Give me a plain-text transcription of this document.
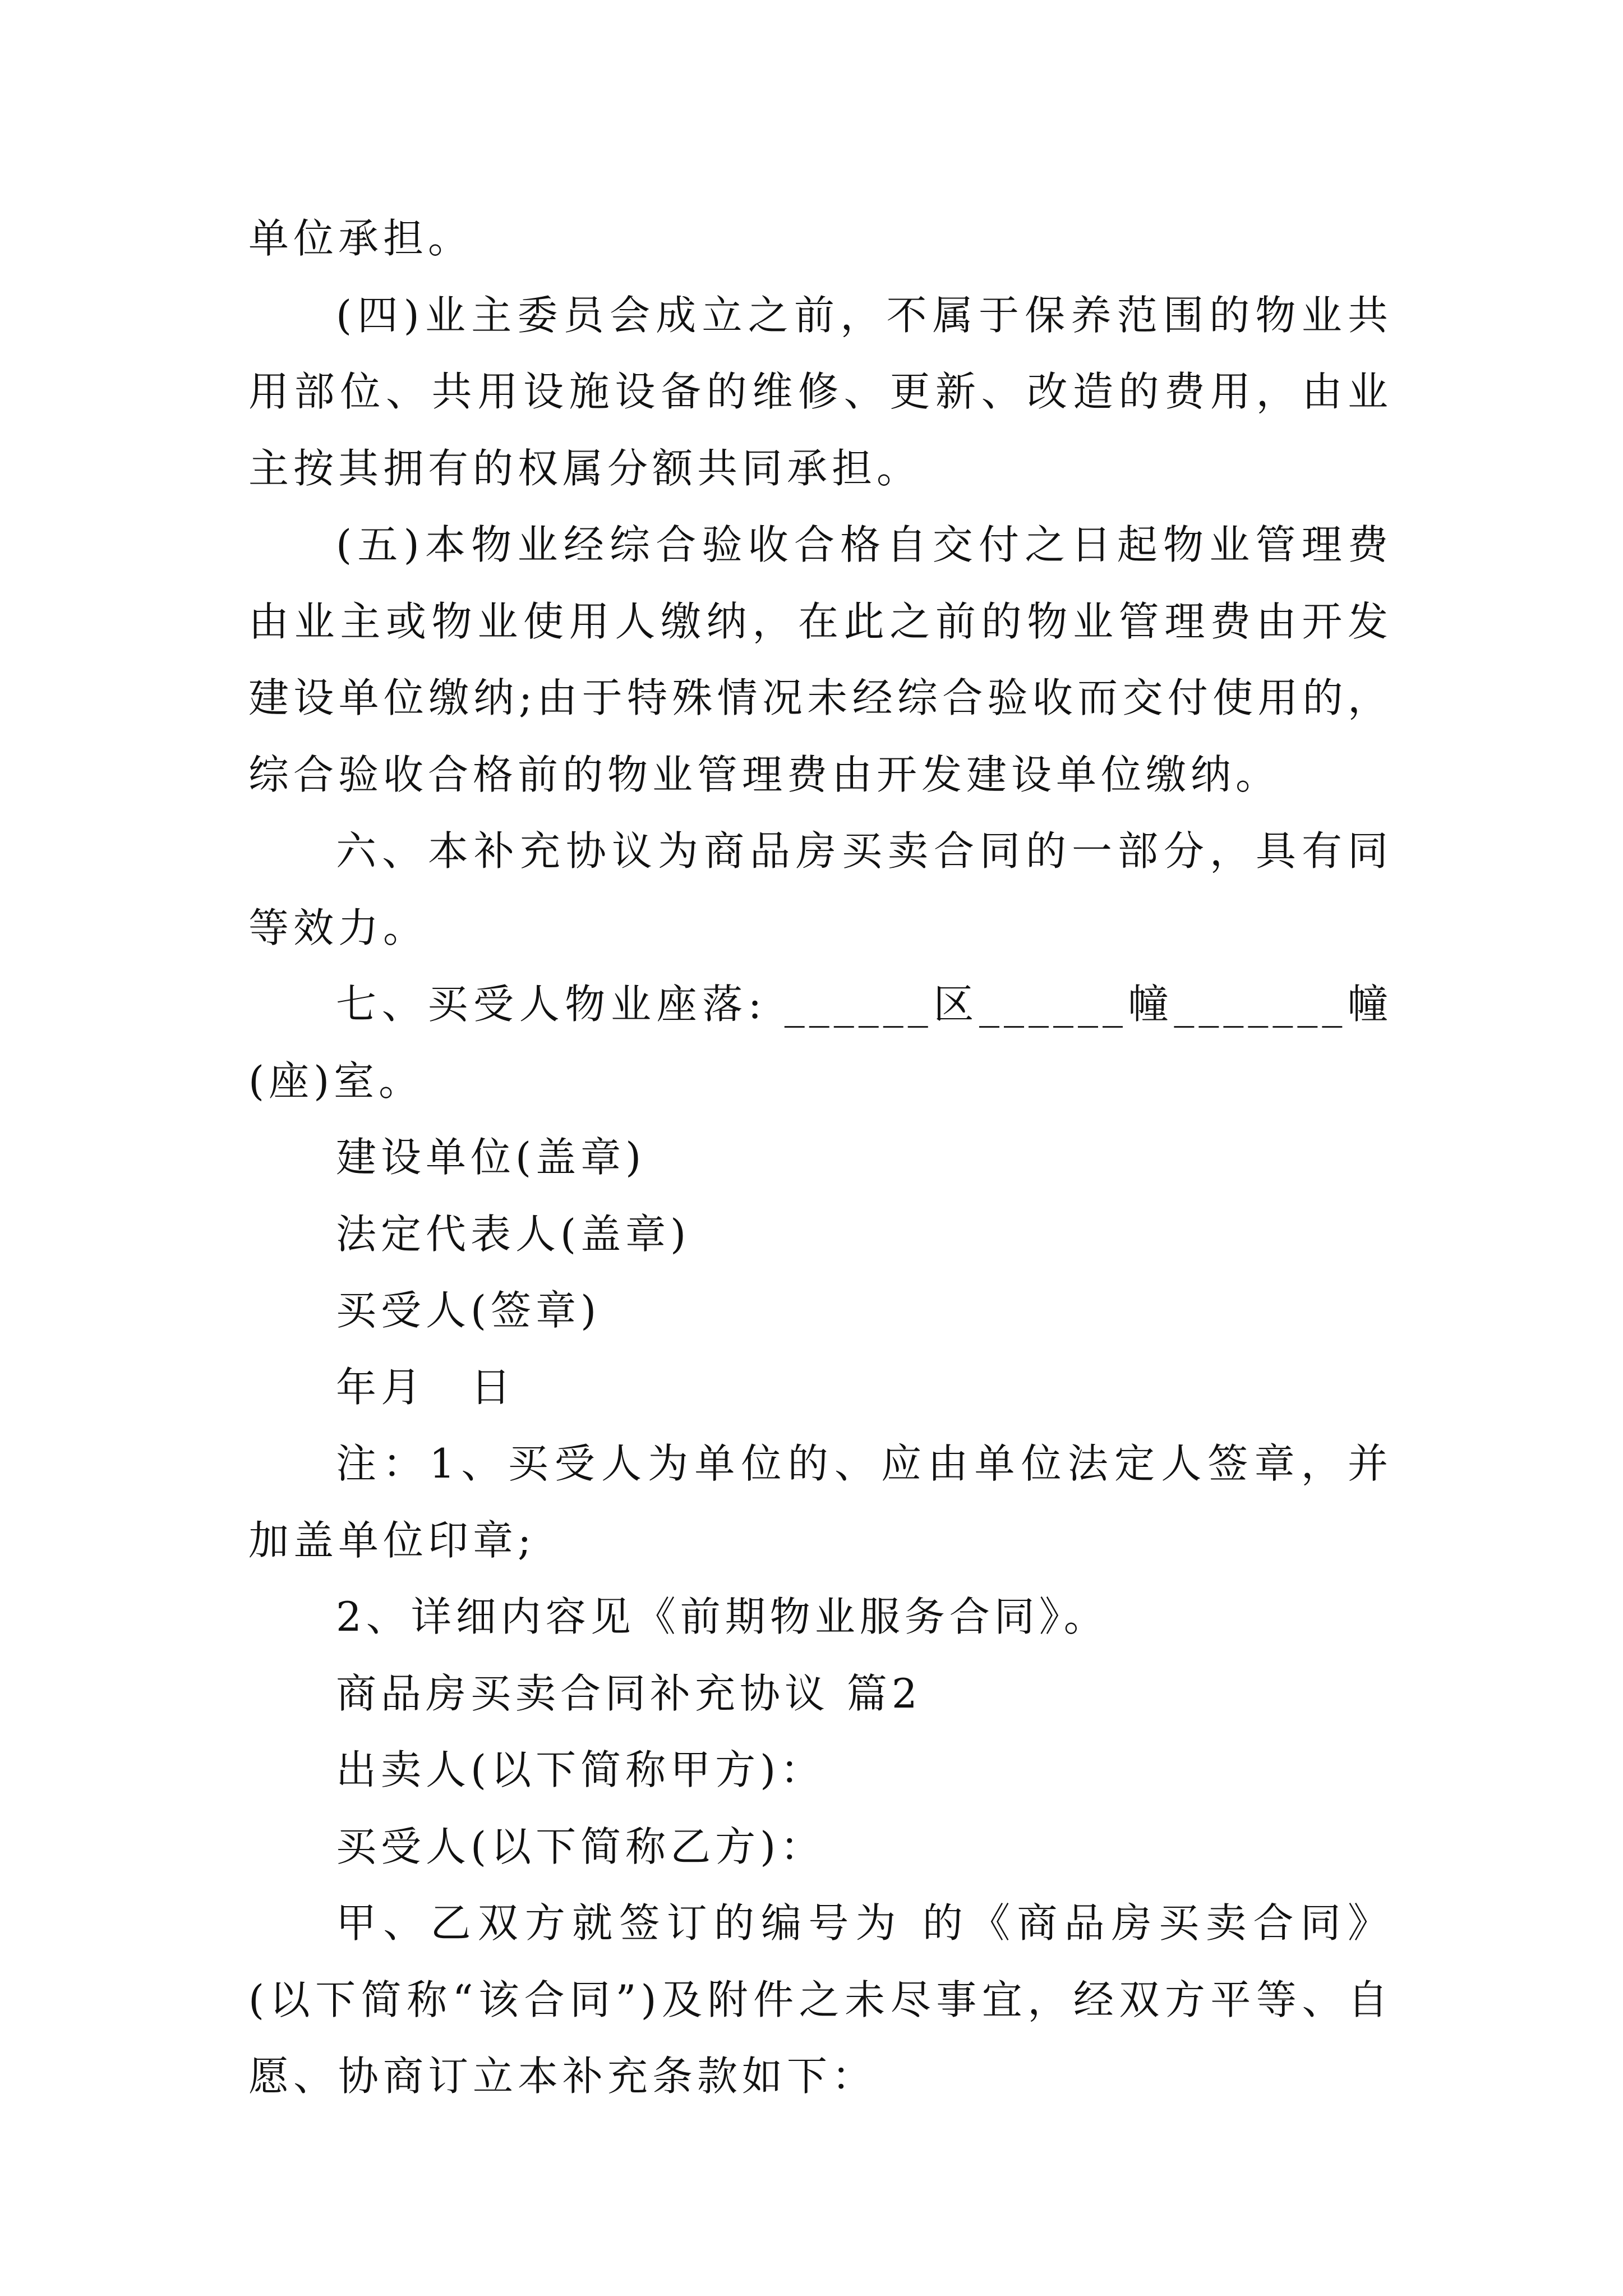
单位承担。

(四)业主委员会成立之前，不属于保养范围的物业共用部位、共用设施设备的维修、更新、改造的费用，由业主按其拥有的权属分额共同承担。

(五)本物业经综合验收合格自交付之日起物业管理费由业主或物业使用人缴纳，在此之前的物业管理费由开发建设单位缴纳;由于特殊情况未经综合验收而交付使用的，综合验收合格前的物业管理费由开发建设单位缴纳。

六、本补充协议为商品房买卖合同的一部分，具有同等效力。

七、买受人物业座落: ______区______幢_______幢(座)室。

建设单位(盖章)

法定代表人(盖章)

买受人(签章)

年月　日

注：1、买受人为单位的、应由单位法定人签章，并加盖单位印章;

2、详细内容见《前期物业服务合同》。

商品房买卖合同补充协议 篇2

出卖人(以下简称甲方)：

买受人(以下简称乙方)：

甲、乙双方就签订的编号为 的《商品房买卖合同》(以下简称“该合同”)及附件之未尽事宜，经双方平等、自愿、协商订立本补充条款如下：
